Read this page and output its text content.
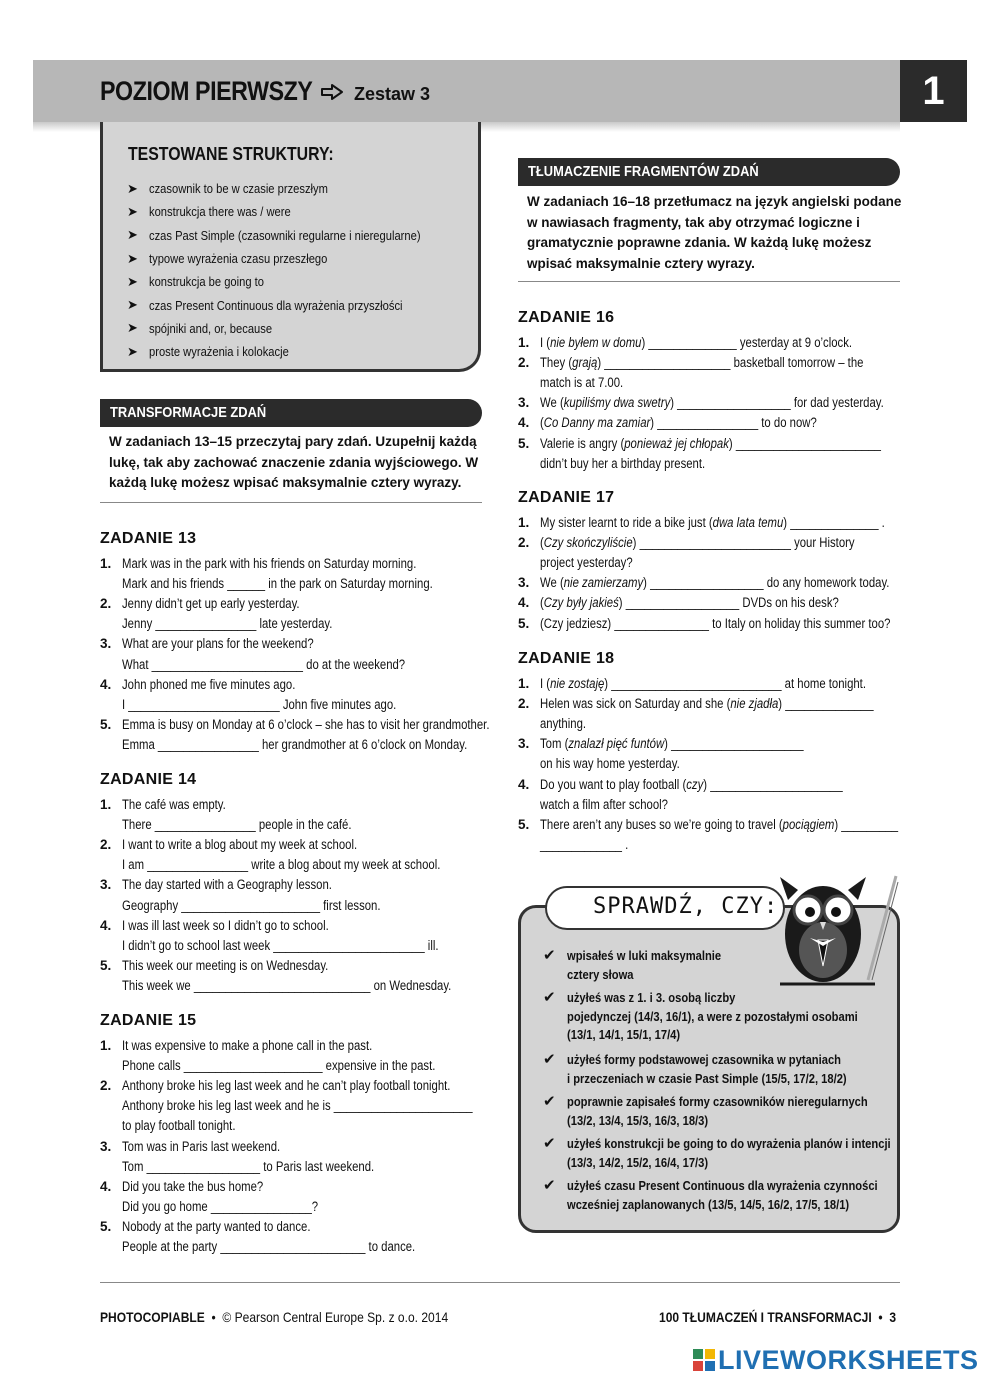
POZIOM PIERWSZY Zestaw 3	1
TESTOWANE STRUKTURY:
➤ czasownik to be w czasie przeszłym
➤ konstrukcja there was / were
➤ czas Past Simple (czasowniki regularne i nieregularne)
➤ typowe wyrażenia czasu przeszłego
➤ konstrukcja be going to
➤ czas Present Continuous dla wyrażenia przyszłości
➤ spójniki and, or, because
➤ proste wyrażenia i kolokacje
TRANSFORMACJE ZDAŃ
W zadaniach 13–15 przeczytaj pary zdań. Uzupełnij każdą lukę, tak aby zachować znaczenie zdania wyjściowego. W każdą lukę możesz wpisać maksymalnie cztery wyrazy.
TŁUMACZENIE FRAGMENTÓW ZDAŃ
W zadaniach 16–18 przetłumacz na język angielski podane w nawiasach fragmenty, tak aby otrzymać logiczne i gramatycznie poprawne zdania. W każdą lukę możesz wpisać maksymalnie cztery wyrazy.
ZADANIE 13
1. Mark was in the park with his friends on Saturday morning.
Mark and his friends ______ in the park on Saturday morning.
2. Jenny didn’t get up early yesterday.
Jenny ________________ late yesterday.
3. What are your plans for the weekend?
What ________________________ do at the weekend?
4. John phoned me five minutes ago.
I ________________________ John five minutes ago.
5. Emma is busy on Monday at 6 o’clock – she has to visit her grandmother.
Emma ________________ her grandmother at 6 o’clock on Monday.
ZADANIE 14
1. The café was empty.
There ________________ people in the café.
2. I want to write a blog about my week at school.
I am ________________ write a blog about my week at school.
3. The day started with a Geography lesson.
Geography ______________________ first lesson.
4. I was ill last week so I didn’t go to school.
I didn’t go to school last week ________________________ ill.
5. This week our meeting is on Wednesday.
This week we ____________________________ on Wednesday.
ZADANIE 15
1. It was expensive to make a phone call in the past.
Phone calls ______________________ expensive in the past.
2. Anthony broke his leg last week and he can’t play football tonight.
Anthony broke his leg last week and he is ______________________
to play football tonight.
3. Tom was in Paris last weekend.
Tom __________________ to Paris last weekend.
4. Did you take the bus home?
Did you go home ________________?
5. Nobody at the party wanted to dance.
People at the party _______________________ to dance.
ZADANIE 16
1. I (nie byłem w domu) ______________ yesterday at 9 o’clock.
2. They (grają) ____________________ basketball tomorrow – the
match is at 7.00.
3. We (kupiliśmy dwa swetry) __________________ for dad yesterday.
4. (Co Danny ma zamiar) ________________ to do now?
5. Valerie is angry (ponieważ jej chłopak) _______________________
didn’t buy her a birthday present.
ZADANIE 17
1. My sister learnt to ride a bike just (dwa lata temu) ______________ .
2. (Czy skończyliście) ________________________ your History
project yesterday?
3. We (nie zamierzamy) __________________ do any homework today.
4. (Czy były jakieś) __________________ DVDs on his desk?
5. (Czy jedziesz) _______________ to Italy on holiday this summer too?
ZADANIE 18
1. I (nie zostaję) ___________________________ at home tonight.
2. Helen was sick on Saturday and she (nie zjadła) ______________
anything.
3. Tom (znalazł pięć funtów) _____________________
on his way home yesterday.
4. Do you want to play football (czy) _____________________
watch a film after school?
5. There aren’t any buses so we’re going to travel (pociągiem) _________
_____________ .
SPRAWDŹ, CZY:
✔ wpisałeś w luki maksymalnie
cztery słowa
✔ użyłeś was z 1. i 3. osobą liczby
pojedynczej (14/3, 16/1), a were z pozostałymi osobami
(13/1, 14/1, 15/1, 17/4)
✔ użyłeś formy podstawowej czasownika w pytaniach
i przeczeniach w czasie Past Simple (15/5, 17/2, 18/2)
✔ poprawnie zapisałeś formy czasowników nieregularnych
(13/2, 13/4, 15/3, 16/3, 18/3)
✔ użyłeś konstrukcji be going to do wyrażenia planów i intencji
(13/3, 14/2, 15/2, 16/4, 17/3)
✔ użyłeś czasu Present Continuous dla wyrażenia czynności
wcześniej zaplanowanych (13/5, 14/5, 16/2, 17/5, 18/1)
PHOTOCOPIABLE  •  © Pearson Central Europe Sp. z o.o. 2014	100 TŁUMACZEŃ I TRANSFORMACJI  •  3
LIVEWORKSHEETS
